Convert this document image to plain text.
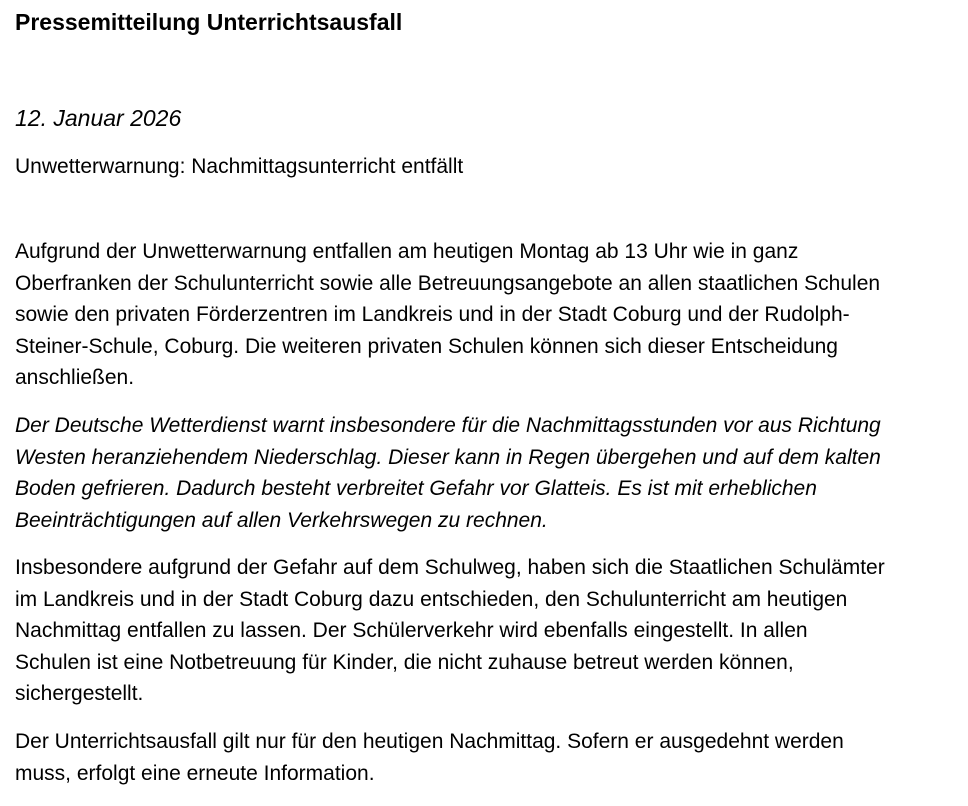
Pressemitteilung Unterrichtsausfall

12. Januar 2026

Unwetterwarnung: Nachmittagsunterricht entfällt

Aufgrund der Unwetterwarnung entfallen am heutigen Montag ab 13 Uhr wie in ganz
Oberfranken der Schulunterricht sowie alle Betreuungsangebote an allen staatlichen Schulen
sowie den privaten Förderzentren im Landkreis und in der Stadt Coburg und der Rudolph-
Steiner-Schule, Coburg. Die weiteren privaten Schulen können sich dieser Entscheidung
anschließen.

Der Deutsche Wetterdienst warnt insbesondere für die Nachmittagsstunden vor aus Richtung
Westen heranziehendem Niederschlag. Dieser kann in Regen übergehen und auf dem kalten
Boden gefrieren. Dadurch besteht verbreitet Gefahr vor Glatteis. Es ist mit erheblichen
Beeinträchtigungen auf allen Verkehrswegen zu rechnen.

Insbesondere aufgrund der Gefahr auf dem Schulweg, haben sich die Staatlichen Schulämter
im Landkreis und in der Stadt Coburg dazu entschieden, den Schulunterricht am heutigen
Nachmittag entfallen zu lassen. Der Schülerverkehr wird ebenfalls eingestellt. In allen
Schulen ist eine Notbetreuung für Kinder, die nicht zuhause betreut werden können,
sichergestellt.

Der Unterrichtsausfall gilt nur für den heutigen Nachmittag. Sofern er ausgedehnt werden
muss, erfolgt eine erneute Information.
